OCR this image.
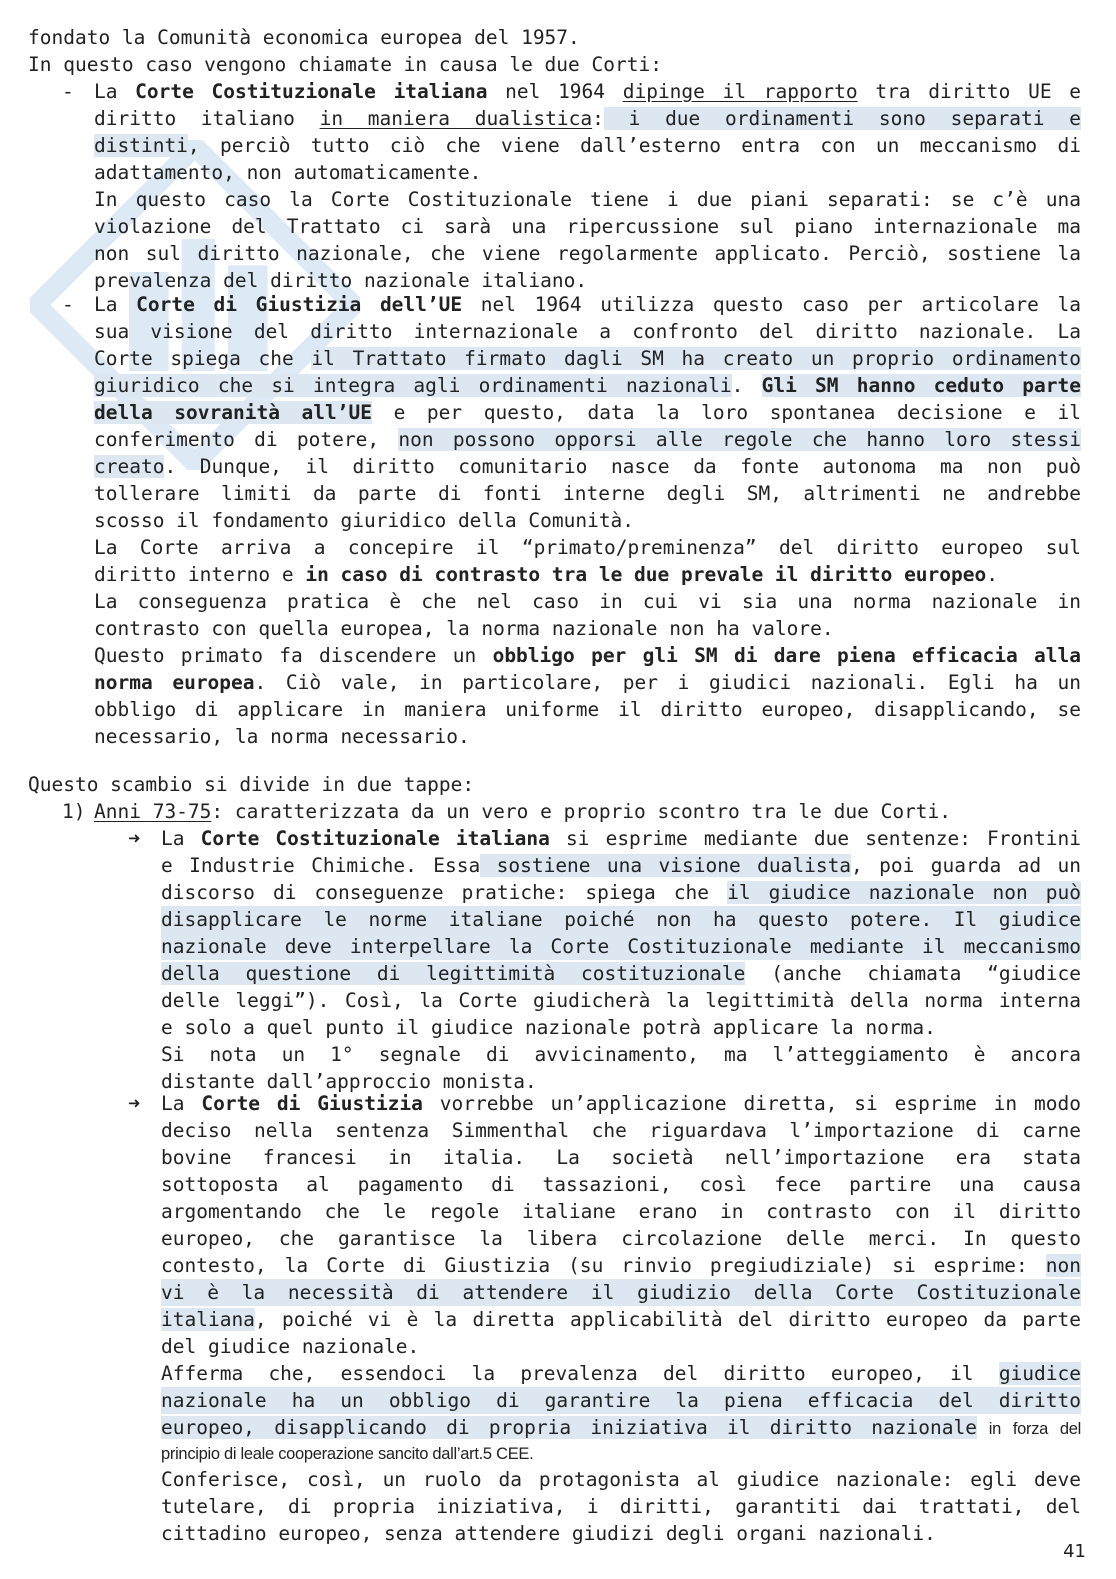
fondato la Comunità economica europea del 1957.
In questo caso vengono chiamate in causa le due Corti:
- La Corte Costituzionale italiana nel 1964 dipinge il rapporto tra diritto UE e
diritto italiano in maniera dualistica: i due ordinamenti sono separati e
distinti, perciò tutto ciò che viene dall’esterno entra con un meccanismo di
adattamento, non automaticamente.
In questo caso la Corte Costituzionale tiene i due piani separati: se c’è una
violazione del Trattato ci sarà una ripercussione sul piano internazionale ma
non sul diritto nazionale, che viene regolarmente applicato. Perciò, sostiene la
prevalenza del diritto nazionale italiano.
- La Corte di Giustizia dell’UE nel 1964 utilizza questo caso per articolare la
sua visione del diritto internazionale a confronto del diritto nazionale. La
Corte spiega che il Trattato firmato dagli SM ha creato un proprio ordinamento
giuridico che si integra agli ordinamenti nazionali. Gli SM hanno ceduto parte
della sovranità all’UE e per questo, data la loro spontanea decisione e il
conferimento di potere, non possono opporsi alle regole che hanno loro stessi
creato. Dunque, il diritto comunitario nasce da fonte autonoma ma non può
tollerare limiti da parte di fonti interne degli SM, altrimenti ne andrebbe
scosso il fondamento giuridico della Comunità.
La Corte arriva a concepire il “primato/preminenza” del diritto europeo sul
diritto interno e in caso di contrasto tra le due prevale il diritto europeo.
La conseguenza pratica è che nel caso in cui vi sia una norma nazionale in
contrasto con quella europea, la norma nazionale non ha valore.
Questo primato fa discendere un obbligo per gli SM di dare piena efficacia alla
norma europea. Ciò vale, in particolare, per i giudici nazionali. Egli ha un
obbligo di applicare in maniera uniforme il diritto europeo, disapplicando, se
necessario, la norma necessario.
Questo scambio si divide in due tappe:
1) Anni 73-75: caratterizzata da un vero e proprio scontro tra le due Corti.
➜ La Corte Costituzionale italiana si esprime mediante due sentenze: Frontini
e Industrie Chimiche. Essa sostiene una visione dualista, poi guarda ad un
discorso di conseguenze pratiche: spiega che il giudice nazionale non può
disapplicare le norme italiane poiché non ha questo potere. Il giudice
nazionale deve interpellare la Corte Costituzionale mediante il meccanismo
della questione di legittimità costituzionale (anche chiamata “giudice
delle leggi”). Così, la Corte giudicherà la legittimità della norma interna
e solo a quel punto il giudice nazionale potrà applicare la norma.
Si nota un 1° segnale di avvicinamento, ma l’atteggiamento è ancora
distante dall’approccio monista.
➜ La Corte di Giustizia vorrebbe un’applicazione diretta, si esprime in modo
deciso nella sentenza Simmenthal che riguardava l’importazione di carne
bovine francesi in italia. La società nell’importazione era stata
sottoposta al pagamento di tassazioni, così fece partire una causa
argomentando che le regole italiane erano in contrasto con il diritto
europeo, che garantisce la libera circolazione delle merci. In questo
contesto, la Corte di Giustizia (su rinvio pregiudiziale) si esprime: non
vi è la necessità di attendere il giudizio della Corte Costituzionale
italiana, poiché vi è la diretta applicabilità del diritto europeo da parte
del giudice nazionale.
Afferma che, essendoci la prevalenza del diritto europeo, il giudice
nazionale ha un obbligo di garantire la piena efficacia del diritto
europeo, disapplicando di propria iniziativa il diritto nazionale in forza del
principio di leale cooperazione sancito dall’art.5 CEE.
Conferisce, così, un ruolo da protagonista al giudice nazionale: egli deve
tutelare, di propria iniziativa, i diritti, garantiti dai trattati, del
cittadino europeo, senza attendere giudizi degli organi nazionali.
41
